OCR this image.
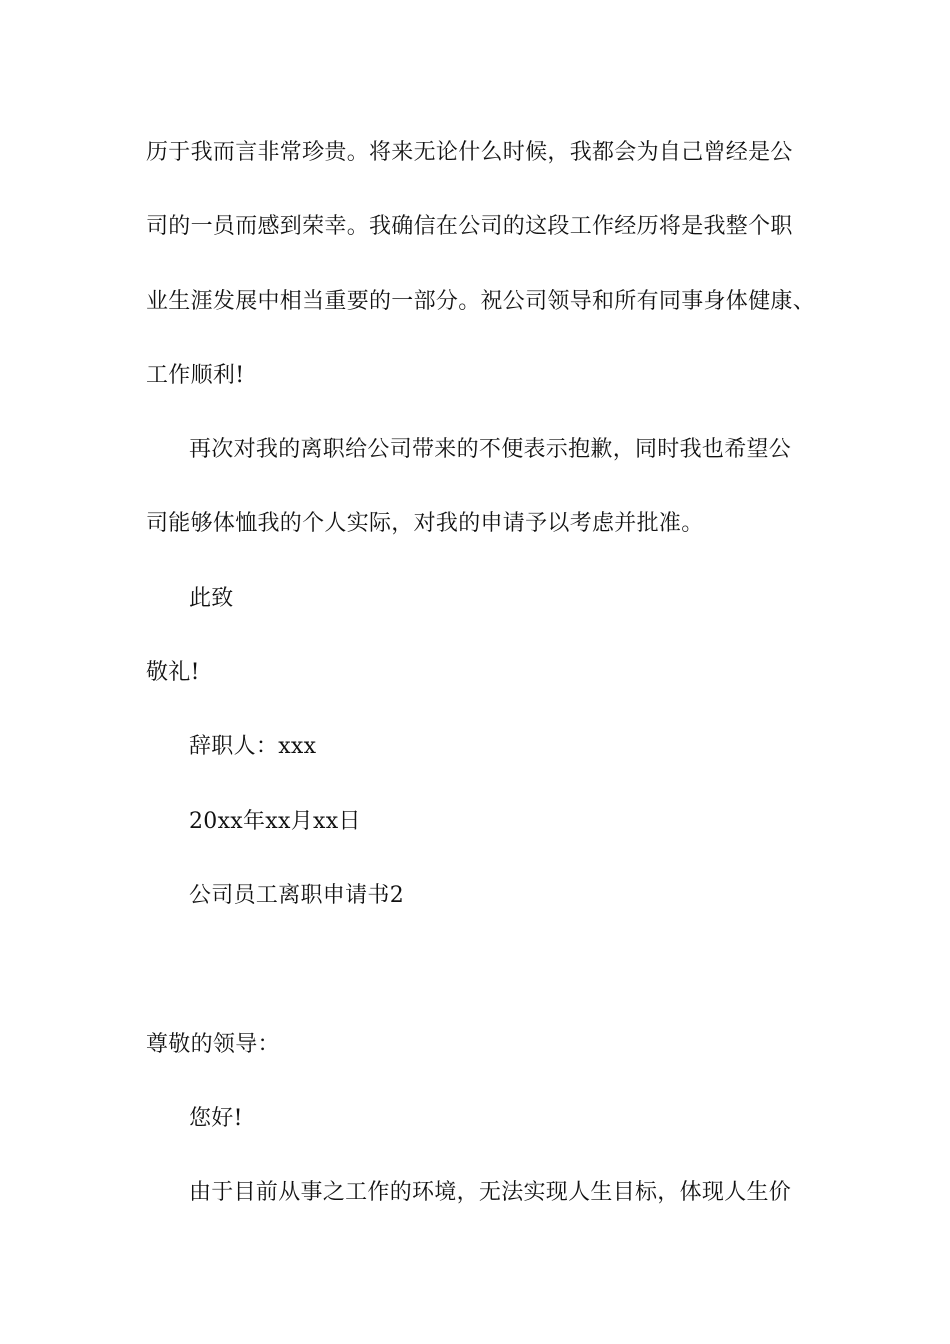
历于我而言非常珍贵。将来无论什么时候，我都会为自己曾经是公

司的一员而感到荣幸。我确信在公司的这段工作经历将是我整个职

业生涯发展中相当重要的一部分。祝公司领导和所有同事身体健康、

工作顺利!

再次对我的离职给公司带来的不便表示抱歉，同时我也希望公

司能够体恤我的个人实际，对我的申请予以考虑并批准。

此致

敬礼!

辞职人：xxx

20xx年xx月xx日

公司员工离职申请书2

尊敬的领导：

您好!

由于目前从事之工作的环境，无法实现人生目标，体现人生价
